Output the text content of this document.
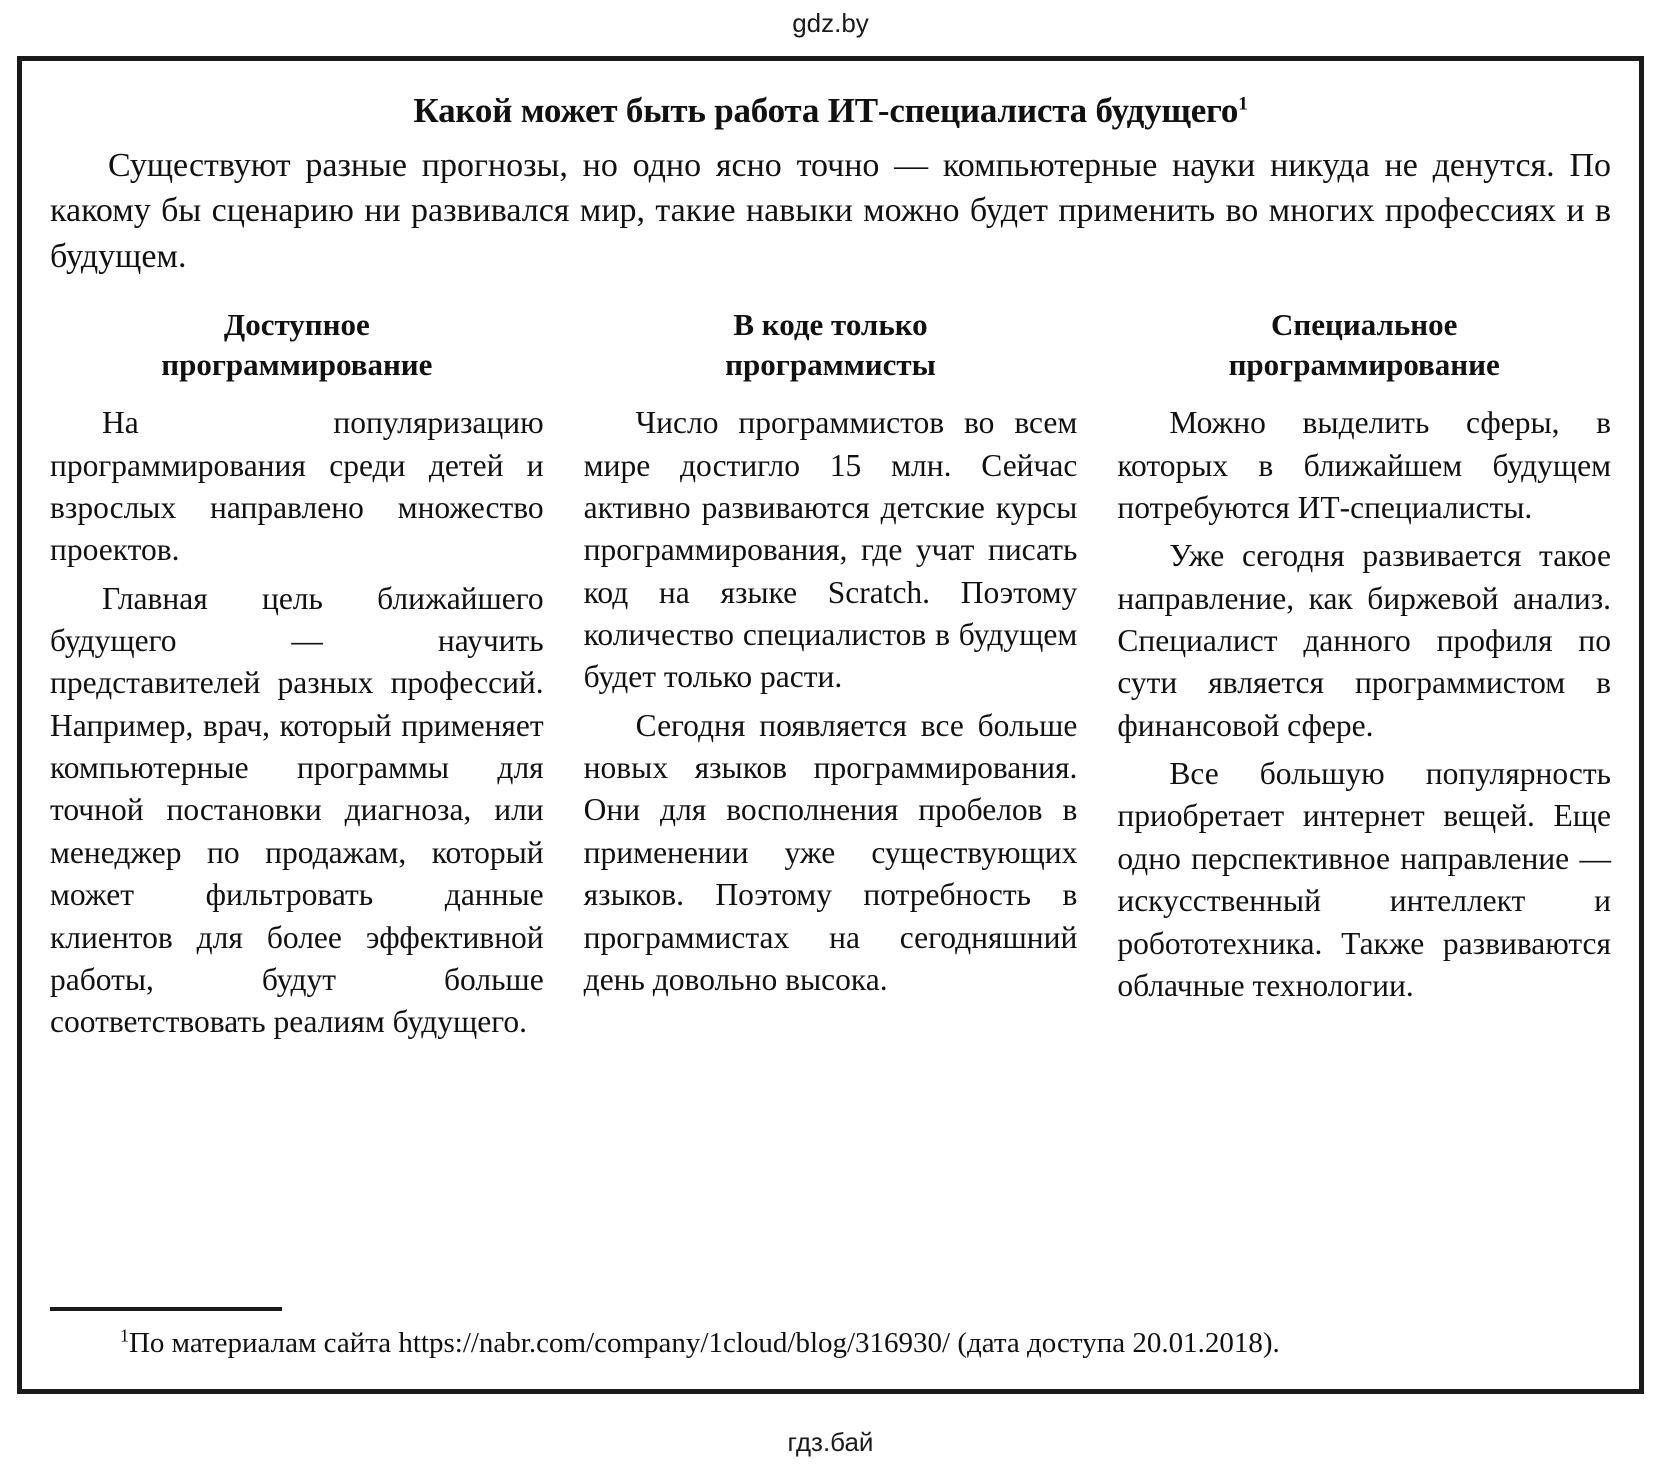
gdz.by
Какой может быть работа ИТ-специалиста будущего$^1$

Существуют разные прогнозы, но одно ясно точно — компьютерные науки никуда не денутся. По какому бы сценарию ни развивался мир, такие навыки можно будет применить во многих профессиях и в будущем.

Доступное
программирование

На популяризацию программирования среди детей и взрослых направлено множество проектов.

Главная цель ближайшего будущего — научить представителей разных профессий. Например, врач, который применяет компьютерные программы для точной постановки диагноза, или менеджер по продажам, который может фильтровать данные клиентов для более эффективной работы, будут больше соответствовать реалиям будущего.

В коде только
программисты

Число программистов во всем мире достигло 15 млн. Сейчас активно развиваются детские курсы программирования, где учат писать код на языке Scratch. Поэтому количество специалистов в будущем будет только расти.

Сегодня появляется все больше новых языков программирования. Они для восполнения пробелов в применении уже существующих языков. Поэтому потребность в программистах на сегодняшний день довольно высока.

Специальное
программирование

Можно выделить сферы, в которых в ближайшем будущем потребуются ИТ-специалисты.

Уже сегодня развивается такое направление, как биржевой анализ. Специалист данного профиля по сути является программистом в финансовой сфере.

Все большую популярность приобретает интернет вещей. Еще одно перспективное направление — искусственный интеллект и робототехника. Также развиваются облачные технологии.

$^1$По материалам сайта https://nabr.com/company/1cloud/blog/316930/ (дата доступа 20.01.2018).

гдз.бай
